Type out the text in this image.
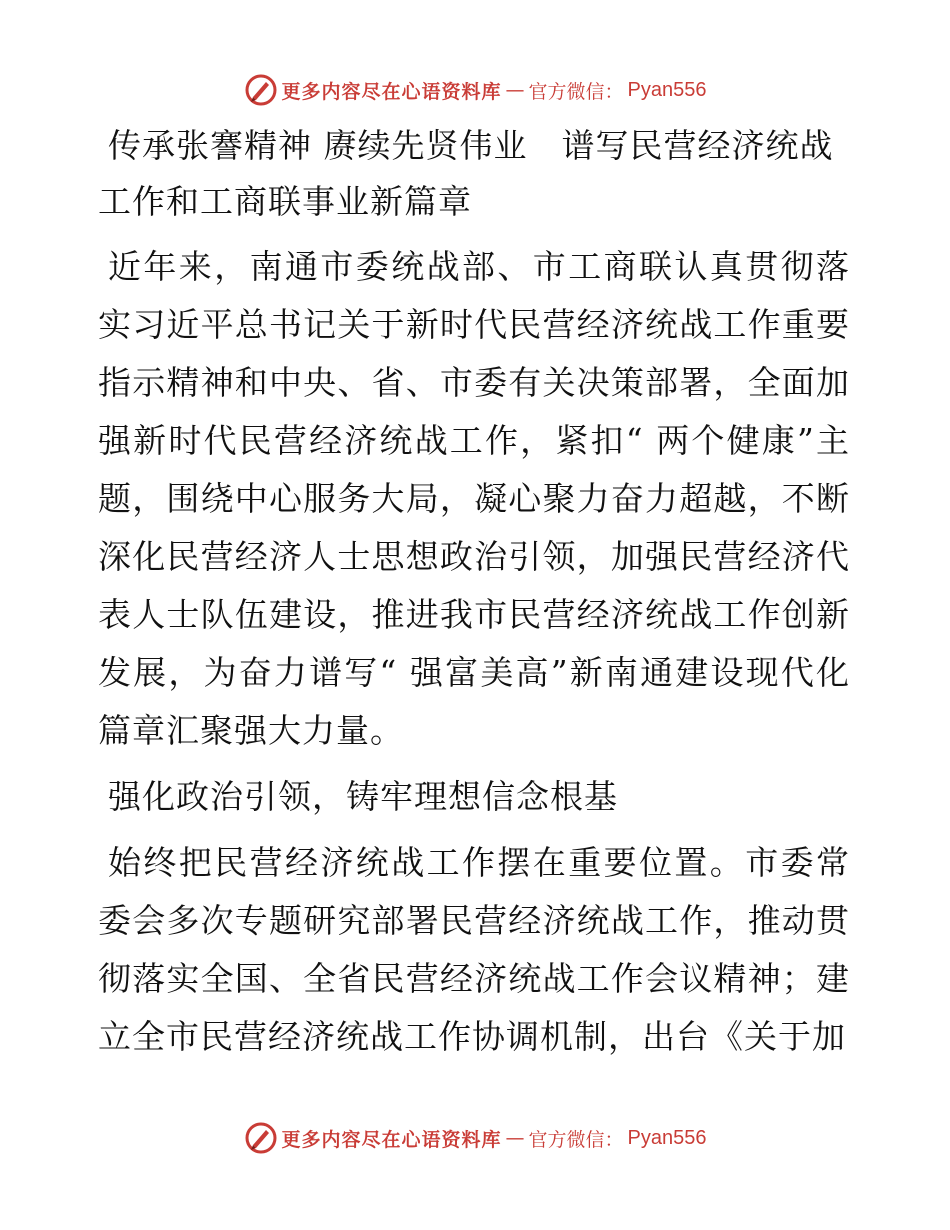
更多内容尽在心语资料库 — 官方微信： Pyan556

传承张謇精神 赓续先贤伟业　谱写民营经济统战工作和工商联事业新篇章

近年来，南通市委统战部、市工商联认真贯彻落实习近平总书记关于新时代民营经济统战工作重要指示精神和中央、省、市委有关决策部署，全面加强新时代民营经济统战工作，紧扣“ 两个健康”主题，围绕中心服务大局，凝心聚力奋力超越，不断深化民营经济人士思想政治引领，加强民营经济代表人士队伍建设，推进我市民营经济统战工作创新发展，为奋力谱写“ 强富美高”新南通建设现代化篇章汇聚强大力量。

强化政治引领，铸牢理想信念根基

始终把民营经济统战工作摆在重要位置。市委常委会多次专题研究部署民营经济统战工作，推动贯彻落实全国、全省民营经济统战工作会议精神；建立全市民营经济统战工作协调机制，出台《关于加

更多内容尽在心语资料库 — 官方微信： Pyan556
